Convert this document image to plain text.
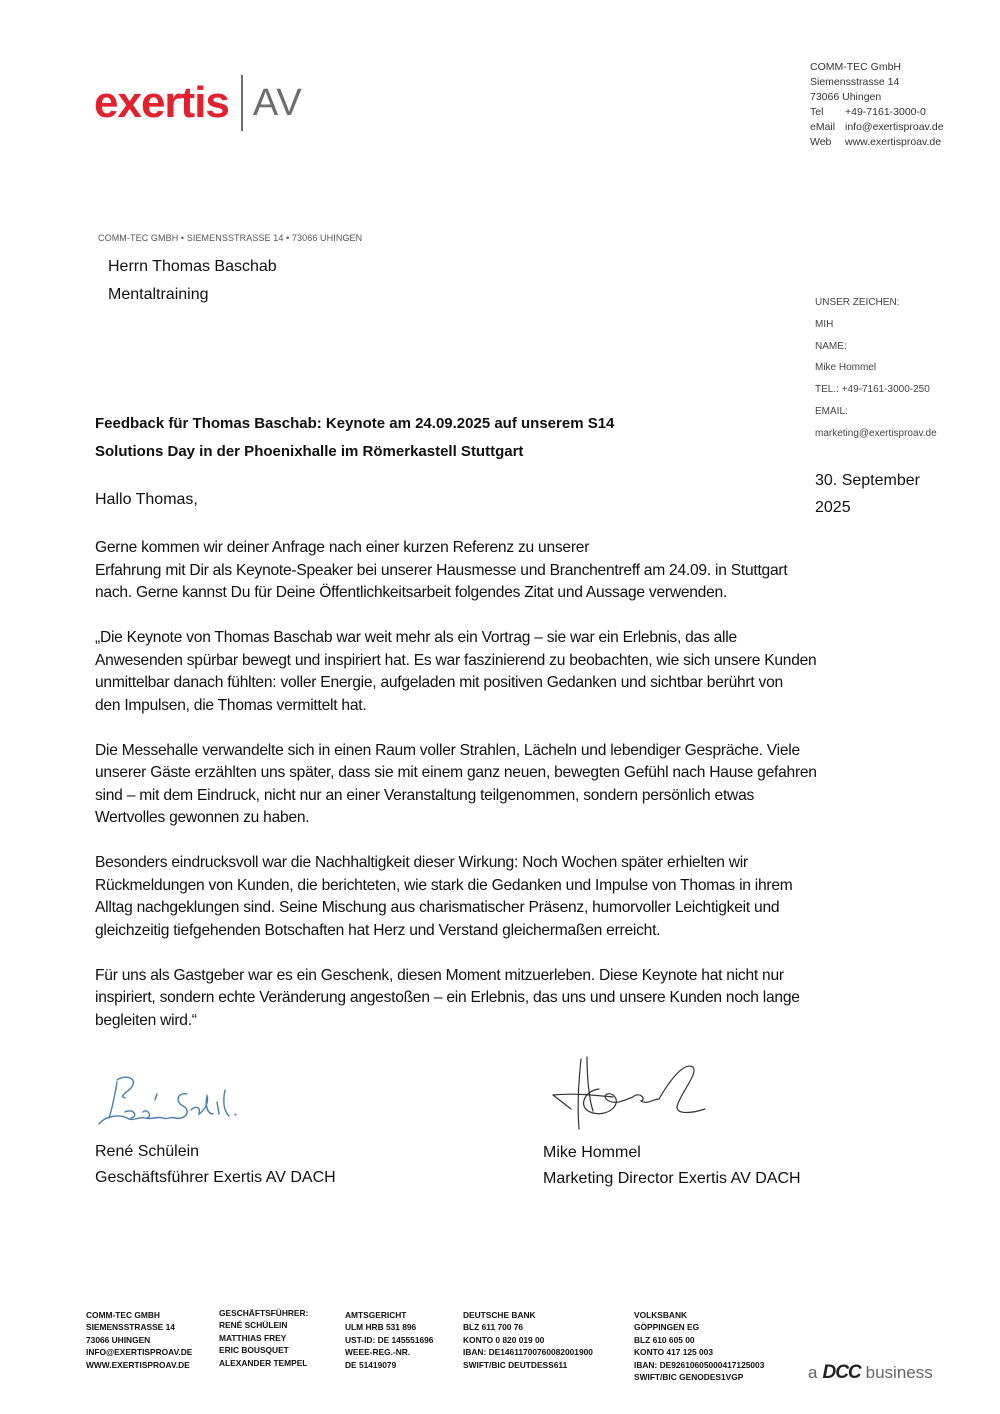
exertis AV
COMM-TEC GmbH
Siemensstrasse 14
73066 Uhingen
Tel	+49-7161-3000-0
eMail info@exertisproav.de
Web	www.exertisproav.de
COMM-TEC GMBH • SIEMENSSTRASSE 14 • 73066 UHINGEN
Herrn Thomas Baschab
Mentaltraining	UNSER ZEICHEN:
MIH
NAME:
Mike Hommel
TEL.: +49-7161-3000-250
EMAIL:
marketing@exertisproav.de
30. September
2025
Feedback für Thomas Baschab: Keynote am 24.09.2025 auf unserem S14
Solutions Day in der Phoenixhalle im Römerkastell Stuttgart
Hallo Thomas,

Gerne kommen wir deiner Anfrage nach einer kurzen Referenz zu unserer
Erfahrung mit Dir als Keynote-Speaker bei unserer Hausmesse und Branchentreff am 24.09. in Stuttgart
nach. Gerne kannst Du für Deine Öffentlichkeitsarbeit folgendes Zitat und Aussage verwenden.

„Die Keynote von Thomas Baschab war weit mehr als ein Vortrag – sie war ein Erlebnis, das alle
Anwesenden spürbar bewegt und inspiriert hat. Es war faszinierend zu beobachten, wie sich unsere Kunden
unmittelbar danach fühlten: voller Energie, aufgeladen mit positiven Gedanken und sichtbar berührt von
den Impulsen, die Thomas vermittelt hat.

Die Messehalle verwandelte sich in einen Raum voller Strahlen, Lächeln und lebendiger Gespräche. Viele
unserer Gäste erzählten uns später, dass sie mit einem ganz neuen, bewegten Gefühl nach Hause gefahren
sind – mit dem Eindruck, nicht nur an einer Veranstaltung teilgenommen, sondern persönlich etwas
Wertvolles gewonnen zu haben.

Besonders eindrucksvoll war die Nachhaltigkeit dieser Wirkung: Noch Wochen später erhielten wir
Rückmeldungen von Kunden, die berichteten, wie stark die Gedanken und Impulse von Thomas in ihrem
Alltag nachgeklungen sind. Seine Mischung aus charismatischer Präsenz, humorvoller Leichtigkeit und
gleichzeitig tiefgehenden Botschaften hat Herz und Verstand gleichermaßen erreicht.

Für uns als Gastgeber war es ein Geschenk, diesen Moment mitzuerleben. Diese Keynote hat nicht nur
inspiriert, sondern echte Veränderung angestoßen – ein Erlebnis, das uns und unsere Kunden noch lange
begleiten wird.“

René Schülein
Geschäftsführer Exertis AV DACH
Mike Hommel
Marketing Director Exertis AV DACH
COMM-TEC GMBH
SIEMENSSTRASSE 14
73066 UHINGEN
INFO@EXERTISPROAV.DE
WWW.EXERTISPROAV.DE
GESCHÄFTSFÜHRER:
RENÉ SCHÜLEIN
MATTHIAS FREY
ERIC BOUSQUET
ALEXANDER TEMPEL
AMTSGERICHT
ULM HRB 531 896
UST-ID: DE 145551696
WEEE-REG.-NR.
DE 51419079
DEUTSCHE BANK
BLZ 611 700 76
KONTO 0 820 019 00
IBAN: DE14611700760082001900
SWIFT/BIC DEUTDESS611
VOLKSBANK
GÖPPINGEN EG
BLZ 610 605 00
KONTO 417 125 003
IBAN: DE92610605000417125003
SWIFT/BIC GENODES1VGP	a DCC business
